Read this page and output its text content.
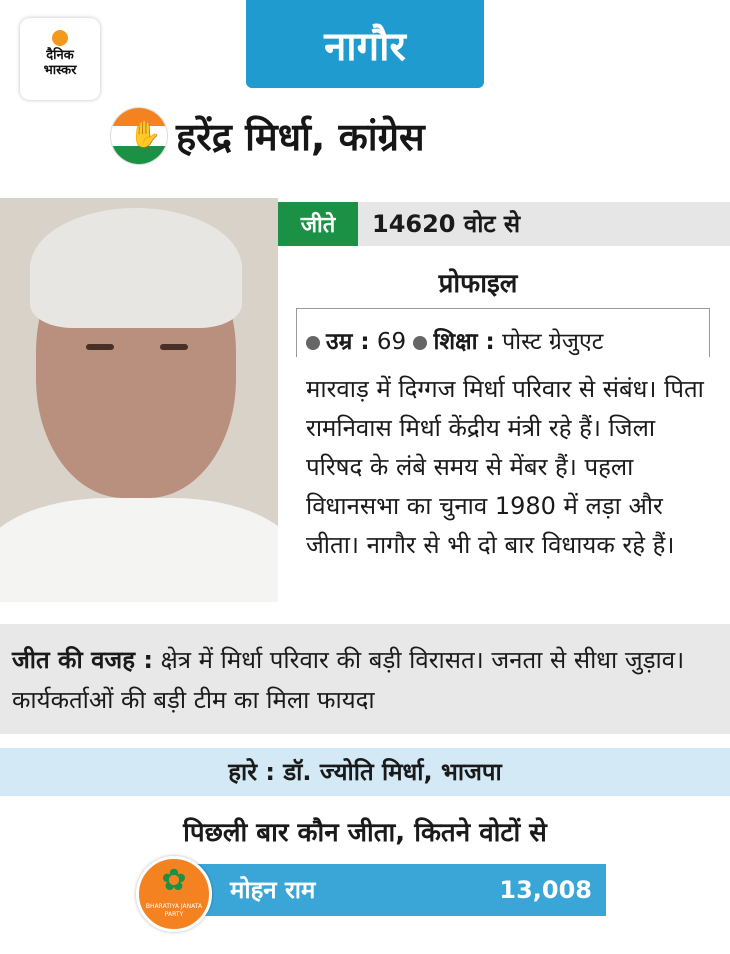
दैनिक
भास्कर
नागौर
✋ हरेंद्र मिर्धा, कांग्रेस
जीते	14620 वोट से
प्रोफाइल
उम्र : 69 शिक्षा : पोस्ट ग्रेजुएट
मारवाड़ में दिग्गज मिर्धा परिवार से संबंध। पिता रामनिवास मिर्धा केंद्रीय मंत्री रहे हैं। जिला परिषद के लंबे समय से मेंबर हैं। पहला विधानसभा का चुनाव 1980 में लड़ा और जीता। नागौर से भी दो बार विधायक रहे हैं।
जीत की वजह : क्षेत्र में मिर्धा परिवार की बड़ी विरासत। जनता से सीधा जुड़ाव। कार्यकर्ताओं की बड़ी टीम का मिला फायदा
हारे : डॉ. ज्योति मिर्धा, भाजपा
पिछली बार कौन जीता, कितने वोटों से
मोहन राम	13,008
✿
BHARATIYA JANATA PARTY
